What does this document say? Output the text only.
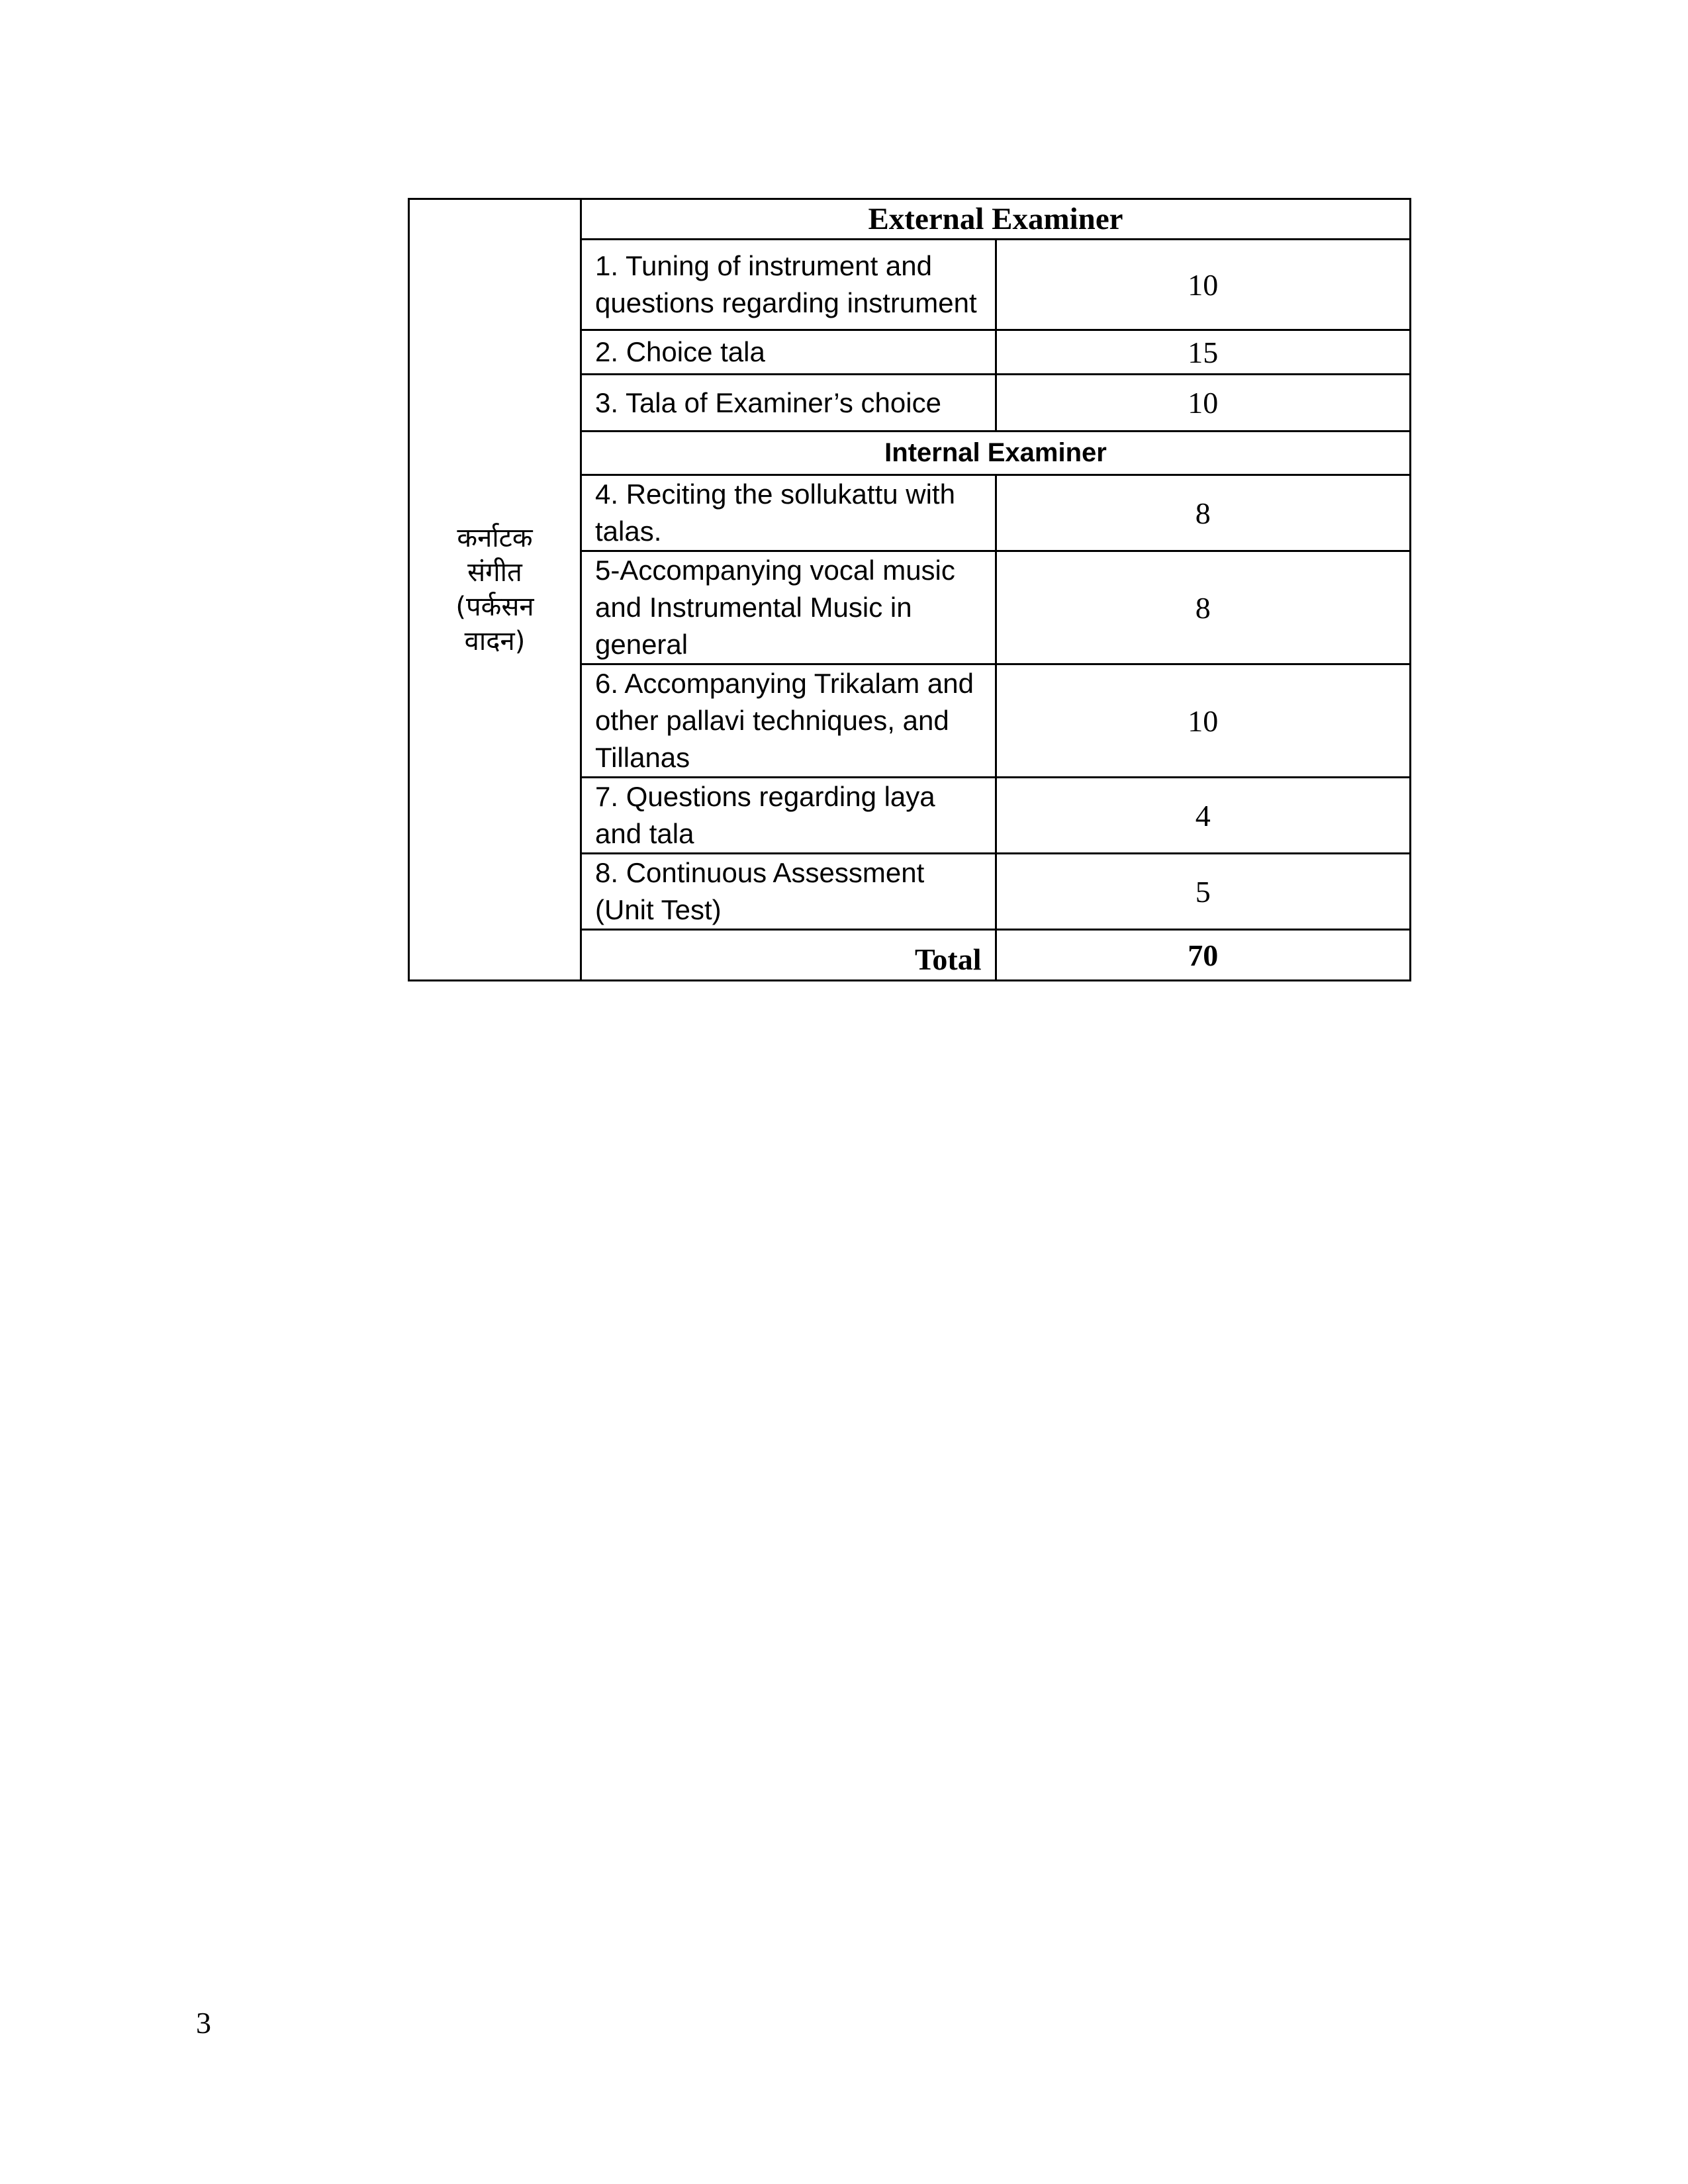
कर्नाटक
संगीत
(पर्कसन
वादन)	External Examiner	
	1. Tuning of instrument and questions regarding instrument	10
	2. Choice tala	15
	3. Tala of Examiner’s choice	10
	Internal Examiner	
	4. Reciting the sollukattu with talas.	8
	5-Accompanying vocal music and Instrumental Music in general	8
	6. Accompanying Trikalam and other pallavi techniques, and Tillanas	10
	7. Questions regarding laya and tala	4
	8. Continuous Assessment (Unit Test)	5
	Total	70
3
